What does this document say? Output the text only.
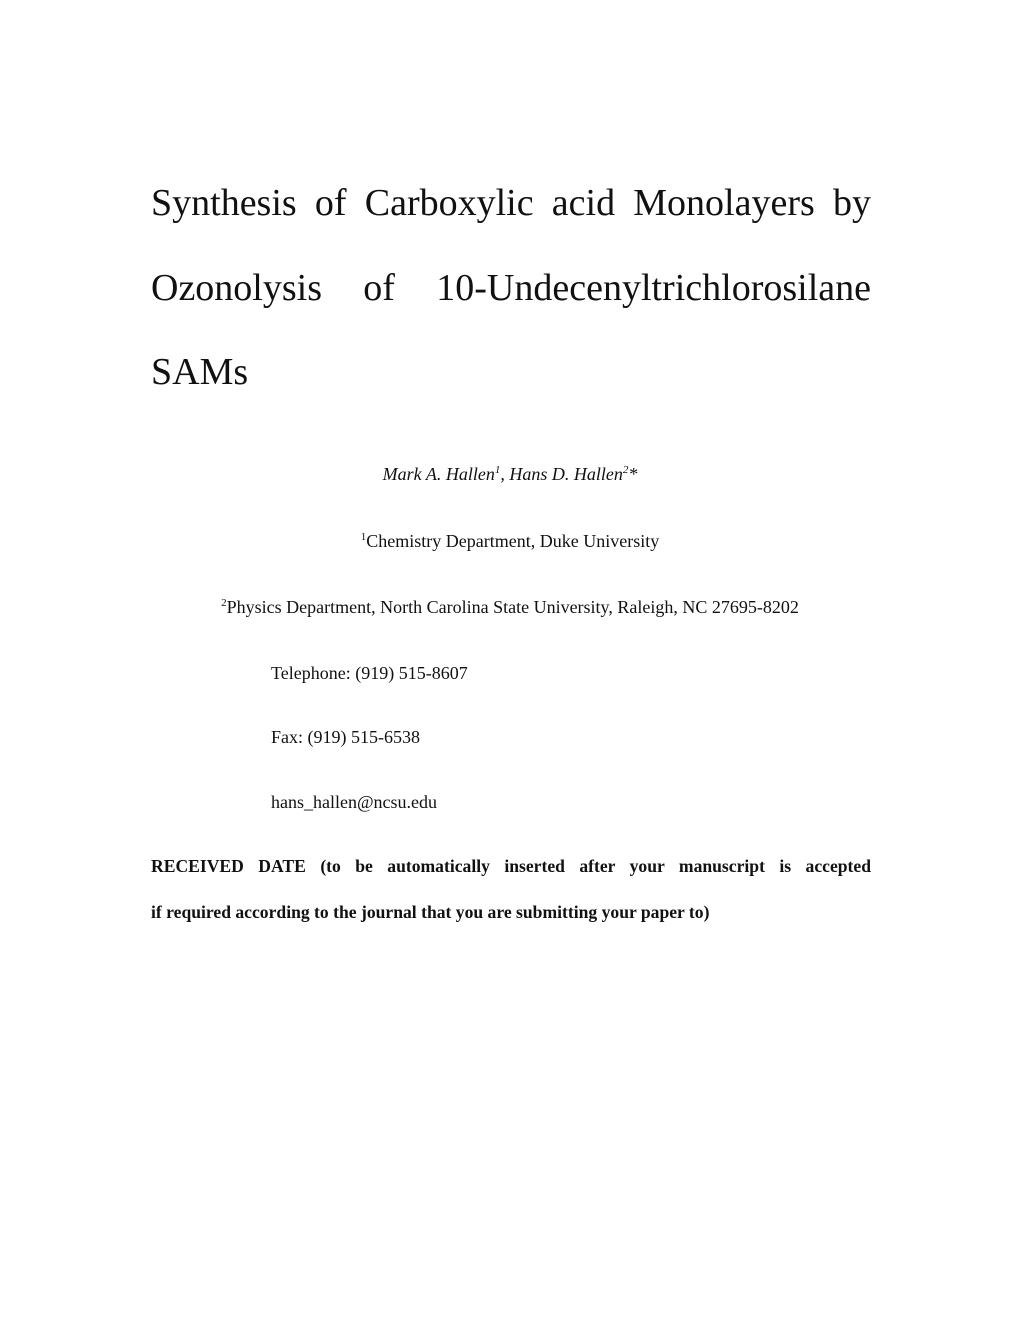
Synthesis of Carboxylic acid Monolayers by
Ozonolysis of 10-Undecenyltrichlorosilane
SAMs
Mark A. Hallen$^1$, Hans D. Hallen$^2$*
$^1$Chemistry Department, Duke University
$^2$Physics Department, North Carolina State University, Raleigh, NC 27695-8202
Telephone: (919) 515-8607
Fax: (919) 515-6538
hans_hallen@ncsu.edu
RECEIVED DATE (to be automatically inserted after your manuscript is accepted
if required according to the journal that you are submitting your paper to)
